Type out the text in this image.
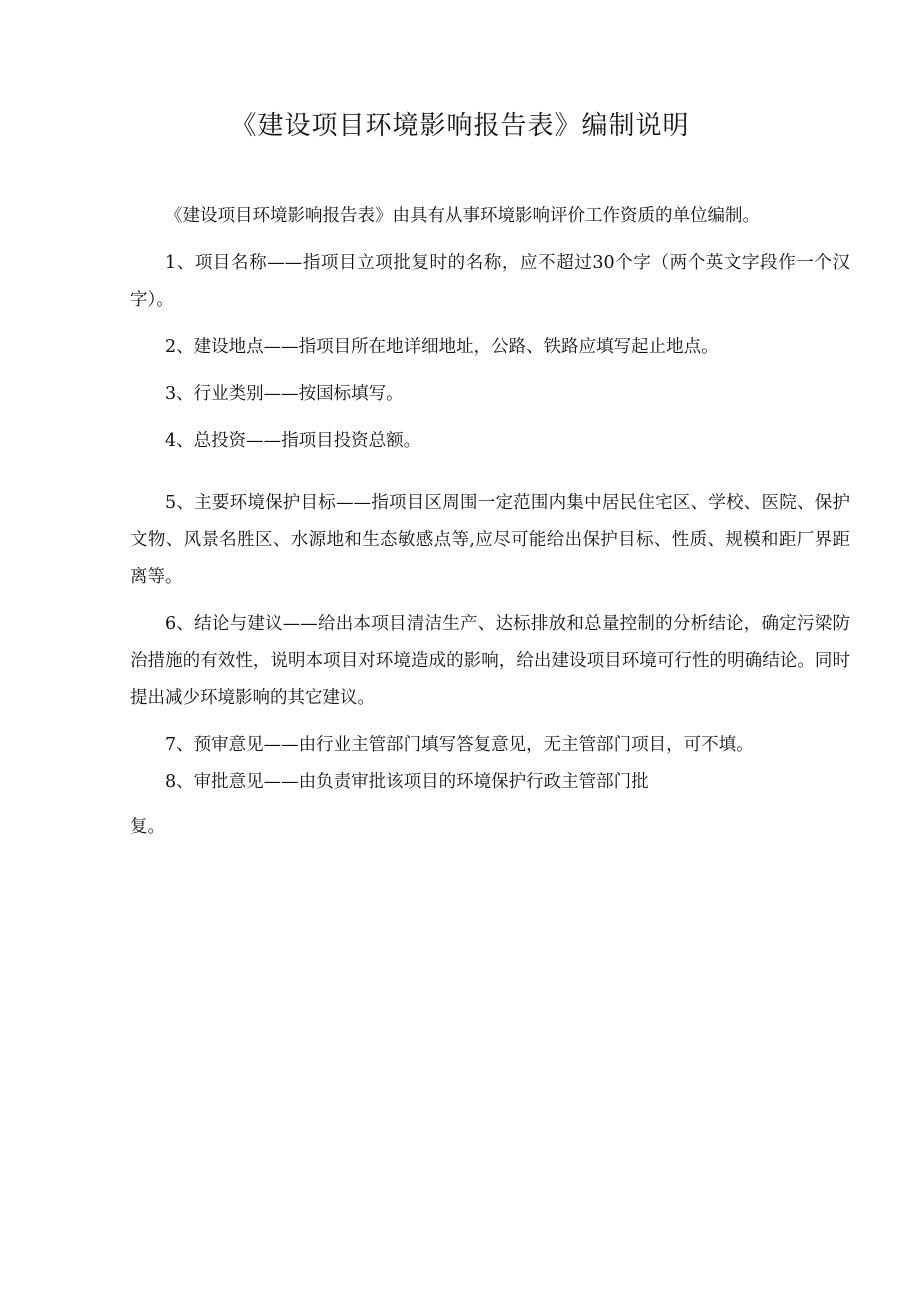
《建设项目环境影响报告表》编制说明

《建设项目环境影响报告表》由具有从事环境影响评价工作资质的单位编制。

1、项目名称——指项目立项批复时的名称，应不超过30个字（两个英文字段作一个汉字）。

2、建设地点——指项目所在地详细地址，公路、铁路应填写起止地点。

3、行业类别——按国标填写。

4、总投资——指项目投资总额。

5、主要环境保护目标——指项目区周围一定范围内集中居民住宅区、学校、医院、保护文物、风景名胜区、水源地和生态敏感点等,应尽可能给出保护目标、性质、规模和距厂界距离等。

6、结论与建议——给出本项目清洁生产、达标排放和总量控制的分析结论，确定污梁防治措施的有效性，说明本项目对环境造成的影响，给出建设项目环境可行性的明确结论。同时提出减少环境影响的其它建议。

7、预审意见——由行业主管部门填写答复意见，无主管部门项目，可不填。

8、审批意见——由负责审批该项目的环境保护行政主管部门批

复。
